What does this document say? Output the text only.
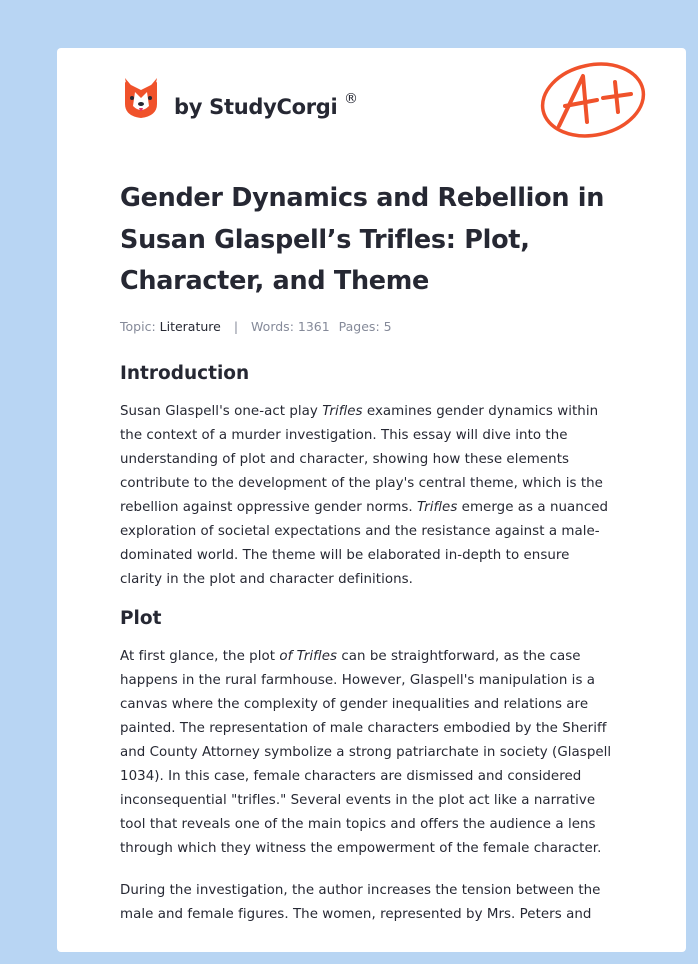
by StudyCorgi ®
Gender Dynamics and Rebellion in
Susan Glaspell’s Trifles: Plot,
Character, and Theme
Topic: Literature | Words: 1361 Pages: 5
Introduction

Susan Glaspell's one-act play Trifles examines gender dynamics within
the context of a murder investigation. This essay will dive into the
understanding of plot and character, showing how these elements
contribute to the development of the play's central theme, which is the
rebellion against oppressive gender norms. Trifles emerge as a nuanced
exploration of societal expectations and the resistance against a male-
dominated world. The theme will be elaborated in-depth to ensure
clarity in the plot and character definitions.

Plot

At first glance, the plot of Trifles can be straightforward, as the case
happens in the rural farmhouse. However, Glaspell's manipulation is a
canvas where the complexity of gender inequalities and relations are
painted. The representation of male characters embodied by the Sheriff
and County Attorney symbolize a strong patriarchate in society (Glaspell
1034). In this case, female characters are dismissed and considered
inconsequential "trifles." Several events in the plot act like a narrative
tool that reveals one of the main topics and offers the audience a lens
through which they witness the empowerment of the female character.

During the investigation, the author increases the tension between the
male and female figures. The women, represented by Mrs. Peters and
